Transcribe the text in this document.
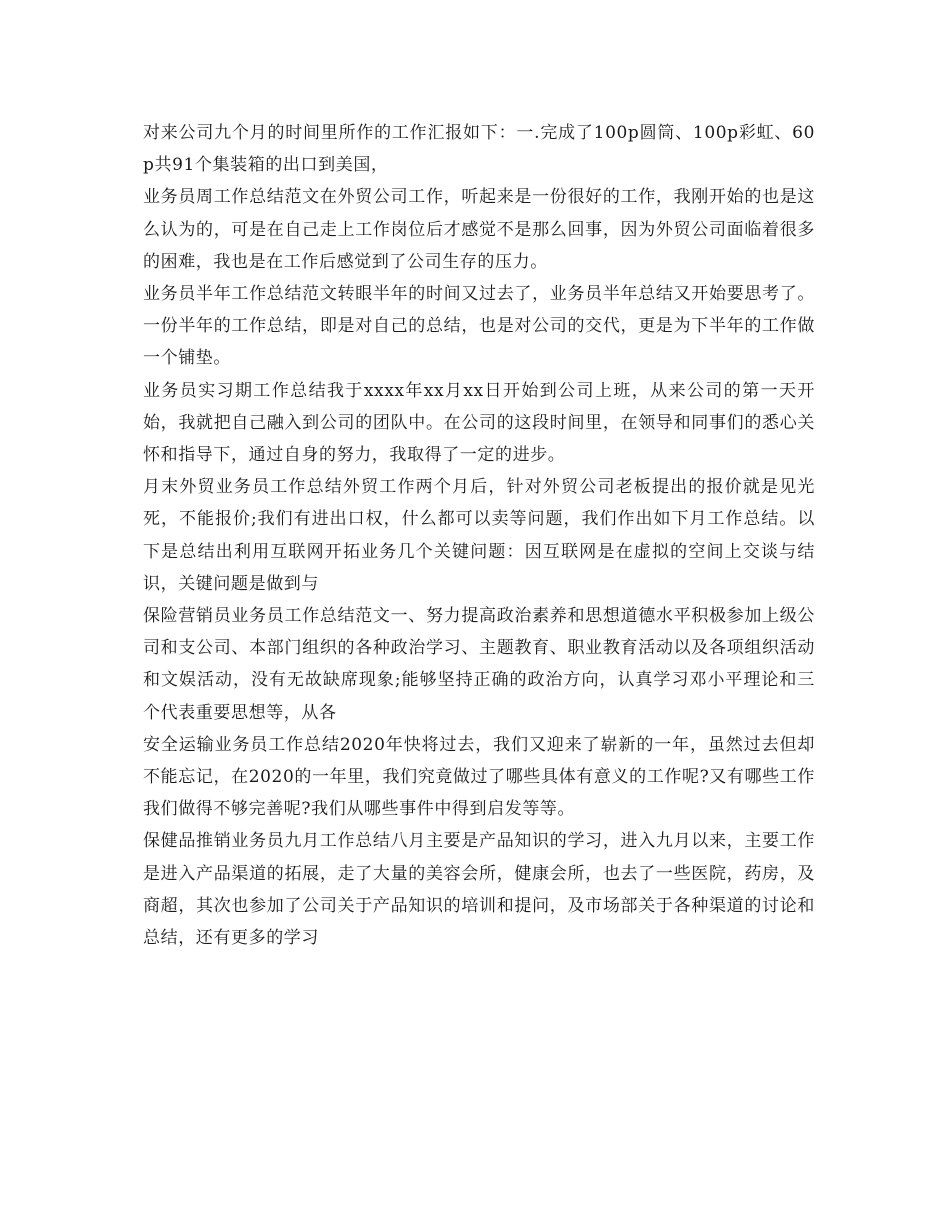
对来公司九个月的时间里所作的工作汇报如下：一.完成了100p圆筒、100p彩虹、60p共91个集装箱的出口到美国，

业务员周工作总结范文在外贸公司工作，听起来是一份很好的工作，我刚开始的也是这么认为的，可是在自己走上工作岗位后才感觉不是那么回事，因为外贸公司面临着很多的困难，我也是在工作后感觉到了公司生存的压力。

业务员半年工作总结范文转眼半年的时间又过去了，业务员半年总结又开始要思考了。一份半年的工作总结，即是对自己的总结，也是对公司的交代，更是为下半年的工作做一个铺垫。

业务员实习期工作总结我于xxxx年xx月xx日开始到公司上班，从来公司的第一天开始，我就把自己融入到公司的团队中。在公司的这段时间里，在领导和同事们的悉心关怀和指导下，通过自身的努力，我取得了一定的进步。

月末外贸业务员工作总结外贸工作两个月后，针对外贸公司老板提出的报价就是见光死，不能报价;我们有进出口权，什么都可以卖等问题，我们作出如下月工作总结。以下是总结出利用互联网开拓业务几个关键问题：因互联网是在虚拟的空间上交谈与结识，关键问题是做到与

保险营销员业务员工作总结范文一、努力提高政治素养和思想道德水平积极参加上级公司和支公司、本部门组织的各种政治学习、主题教育、职业教育活动以及各项组织活动和文娱活动，没有无故缺席现象;能够坚持正确的政治方向，认真学习邓小平理论和三个代表重要思想等，从各

安全运输业务员工作总结2020年快将过去，我们又迎来了崭新的一年，虽然过去但却不能忘记，在2020的一年里，我们究竟做过了哪些具体有意义的工作呢?又有哪些工作我们做得不够完善呢?我们从哪些事件中得到启发等等。

保健品推销业务员九月工作总结八月主要是产品知识的学习，进入九月以来，主要工作是进入产品渠道的拓展，走了大量的美容会所，健康会所，也去了一些医院，药房，及商超，其次也参加了公司关于产品知识的培训和提问，及市场部关于各种渠道的讨论和总结，还有更多的学习
